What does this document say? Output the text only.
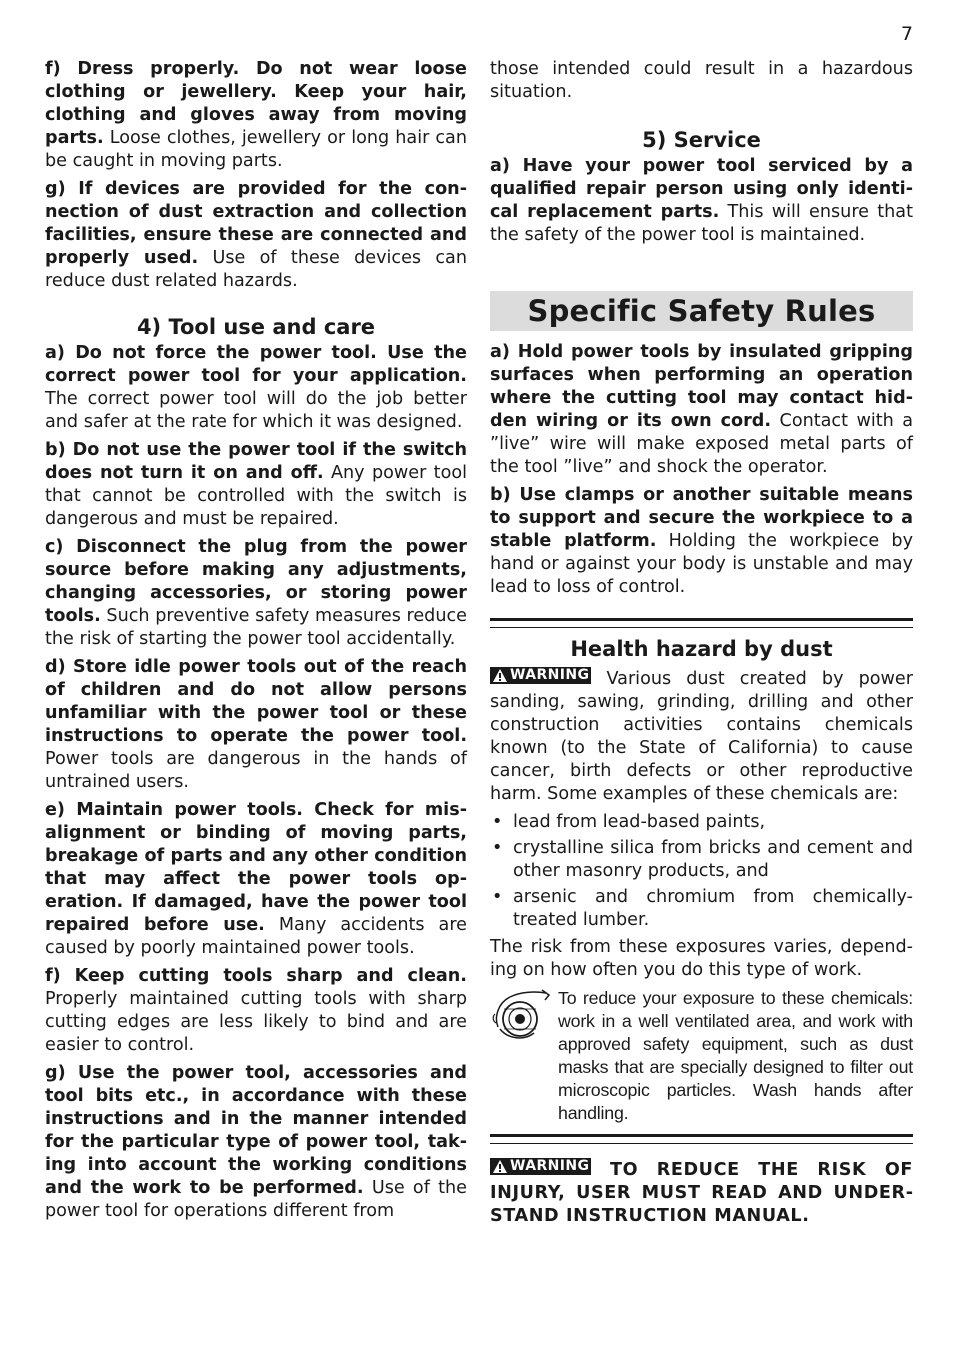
7

f) Dress properly. Do not wear loose clothing or jewellery. Keep your hair, clothing and gloves away from moving parts. Loose clothes, jewellery or long hair can be caught in moving parts.

g) If devices are provided for the connection of dust extraction and collection facilities, ensure these are connected and properly used. Use of these devices can reduce dust related hazards.

4) Tool use and care

a) Do not force the power tool. Use the correct power tool for your application. The correct power tool will do the job better and safer at the rate for which it was designed.

b) Do not use the power tool if the switch does not turn it on and off. Any power tool that cannot be controlled with the switch is dangerous and must be repaired.

c) Disconnect the plug from the power source before making any adjustments, changing accessories, or storing power tools. Such preventive safety measures reduce the risk of starting the power tool accidentally.

d) Store idle power tools out of the reach of children and do not allow persons unfamiliar with the power tool or these instructions to operate the power tool. Power tools are dangerous in the hands of untrained users.

e) Maintain power tools. Check for misalignment or binding of moving parts, breakage of parts and any other condition that may affect the power tools operation. If damaged, have the power tool repaired before use. Many accidents are caused by poorly maintained power tools.

f) Keep cutting tools sharp and clean. Properly maintained cutting tools with sharp cutting edges are less likely to bind and are easier to control.

g) Use the power tool, accessories and tool bits etc., in accordance with these instructions and in the manner intended for the particular type of power tool, taking into account the working conditions and the work to be performed. Use of the power tool for operations different from

those intended could result in a hazardous situation.

5) Service

a) Have your power tool serviced by a qualified repair person using only identical replacement parts. This will ensure that the safety of the power tool is maintained.

Specific Safety Rules

a) Hold power tools by insulated gripping surfaces when performing an operation where the cutting tool may contact hidden wiring or its own cord. Contact with a ”live” wire will make exposed metal parts of the tool ”live” and shock the operator.

b) Use clamps or another suitable means to support and secure the workpiece to a stable platform. Holding the workpiece by hand or against your body is unstable and may lead to loss of control.

Health hazard by dust

WARNING Various dust created by power sanding, sawing, grinding, drilling and other construction activities contains chemicals known (to the State of California) to cause cancer, birth defects or other reproductive harm. Some examples of these chemicals are:

• lead from lead-based paints,
• crystalline silica from bricks and cement and other masonry products, and
• arsenic and chromium from chemically-treated lumber.

The risk from these exposures varies, depending on how often you do this type of work.

To reduce your exposure to these chemicals: work in a well ventilated area, and work with approved safety equipment, such as dust masks that are specially designed to filter out microscopic particles. Wash hands after handling.

WARNING TO REDUCE THE RISK OF INJURY, USER MUST READ AND UNDERSTAND INSTRUCTION MANUAL.
